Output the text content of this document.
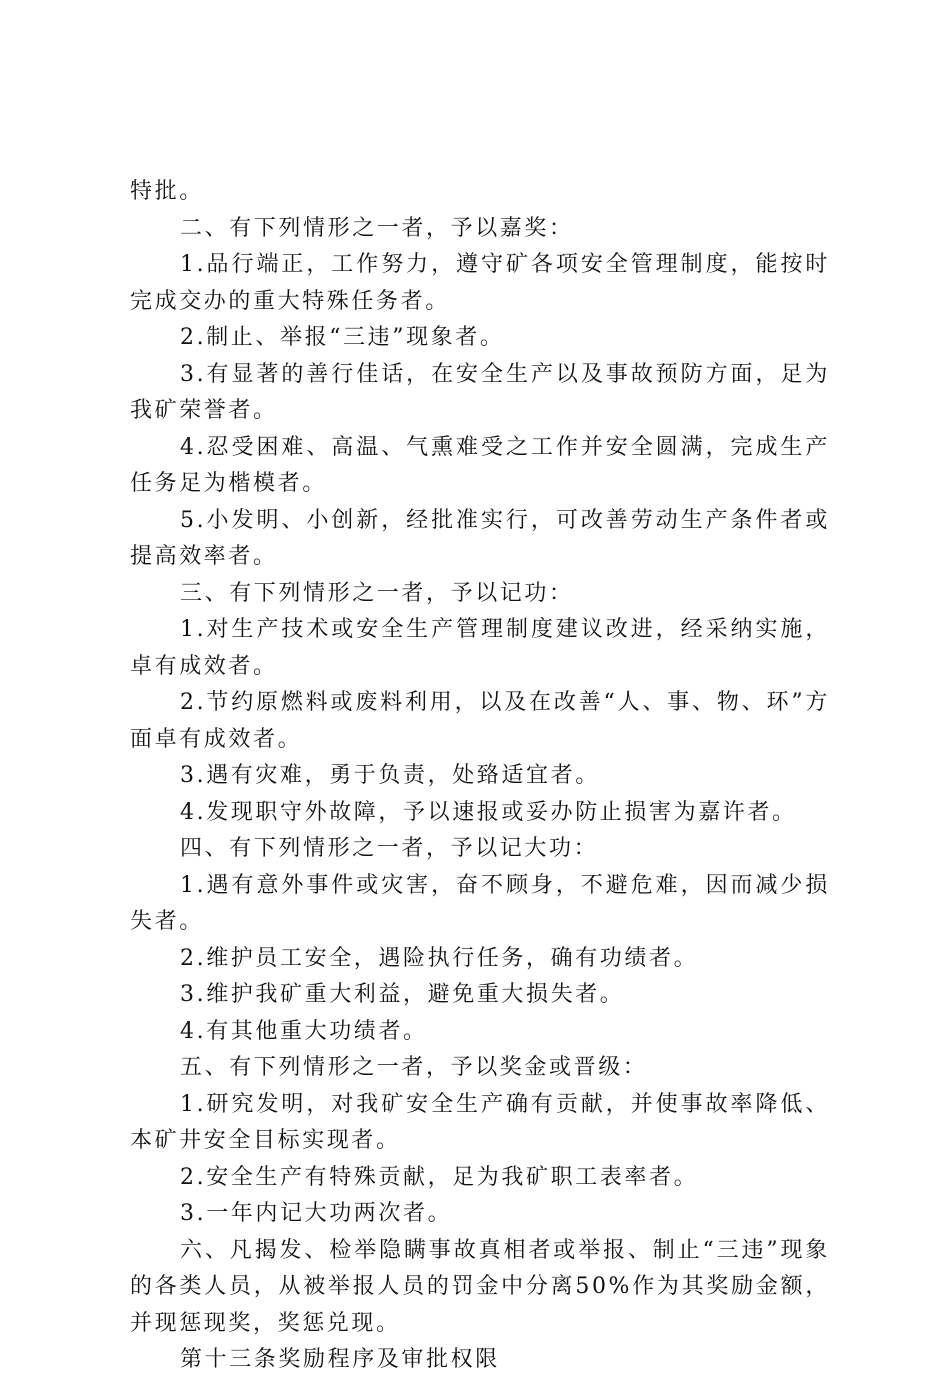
特批。

二、有下列情形之一者，予以嘉奖：

1.品行端正，工作努力，遵守矿各项安全管理制度，能按时完成交办的重大特殊任务者。

2.制止、举报“三违”现象者。

3.有显著的善行佳话，在安全生产以及事故预防方面，足为我矿荣誉者。

4.忍受困难、高温、气熏难受之工作并安全圆满，完成生产任务足为楷模者。

5.小发明、小创新，经批准实行，可改善劳动生产条件者或提高效率者。

三、有下列情形之一者，予以记功：

1.对生产技术或安全生产管理制度建议改进，经采纳实施，卓有成效者。

2.节约原燃料或废料利用，以及在改善“人、事、物、环”方面卓有成效者。

3.遇有灾难，勇于负责，处臵适宜者。

4.发现职守外故障，予以速报或妥办防止损害为嘉许者。

四、有下列情形之一者，予以记大功：

1.遇有意外事件或灾害，奋不顾身，不避危难，因而减少损失者。

2.维护员工安全，遇险执行任务，确有功绩者。

3.维护我矿重大利益，避免重大损失者。

4.有其他重大功绩者。

五、有下列情形之一者，予以奖金或晋级：

1.研究发明，对我矿安全生产确有贡献，并使事故率降低、本矿井安全目标实现者。

2.安全生产有特殊贡献，足为我矿职工表率者。

3.一年内记大功两次者。

六、凡揭发、检举隐瞒事故真相者或举报、制止“三违”现象的各类人员，从被举报人员的罚金中分离50%作为其奖励金额，并现惩现奖，奖惩兑现。

第十三条奖励程序及审批权限
